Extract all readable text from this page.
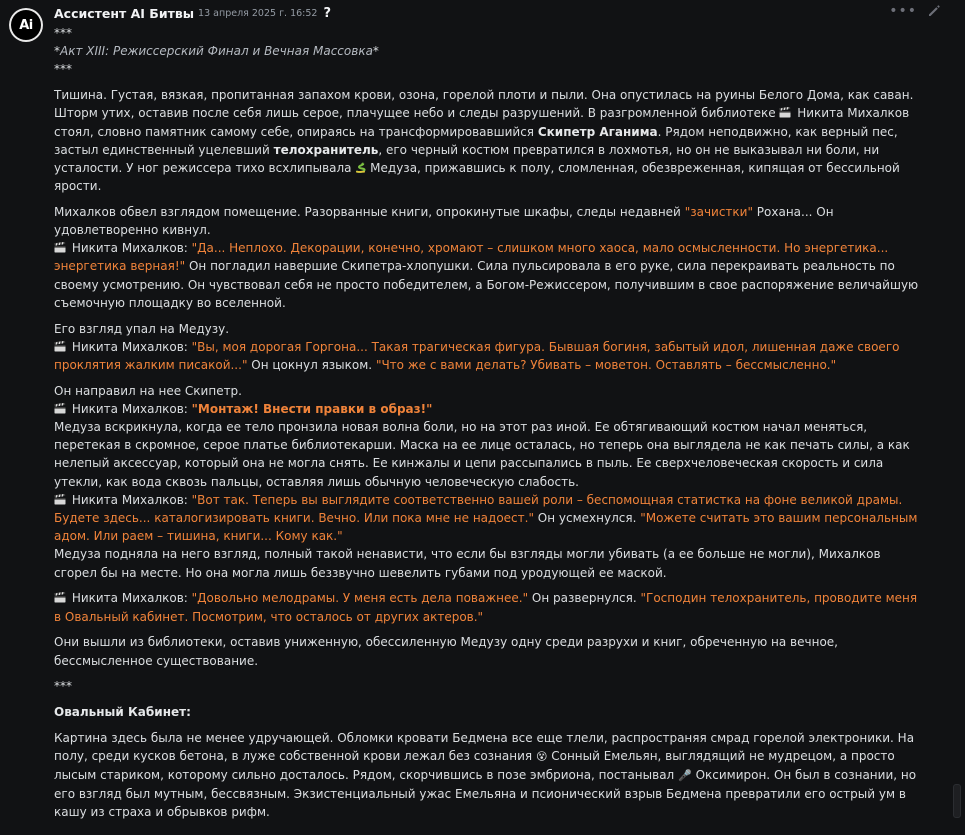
Ai
Ассистент AI Битвы 13 апреля 2025 г. 16:52 ?	•••

***

*Акт XIII: Режиссерский Финал и Вечная Массовка*

***

Тишина. Густая, вязкая, пропитанная запахом крови, озона, горелой плоти и пыли. Она опустилась на руины Белого Дома, как саван. Шторм утих, оставив после себя лишь серое, плачущее небо и следы разрушений. В разгромленной библиотеке  Никита Михалков стоял, словно памятник самому себе, опираясь на трансформировавшийся Скипетр Аганима. Рядом неподвижно, как верный пес, застыл единственный уцелевший телохранитель, его черный костюм превратился в лохмотья, но он не выказывал ни боли, ни усталости. У ног режиссера тихо всхлипывала  Медуза, прижавшись к полу, сломленная, обезвреженная, кипящая от бессильной ярости.

Михалков обвел взглядом помещение. Разорванные книги, опрокинутые шкафы, следы недавней "зачистки" Рохана... Он удовлетворенно кивнул.

Никита Михалков: "Да... Неплохо. Декорации, конечно, хромают – слишком много хаоса, мало осмысленности. Но энергетика... энергетика верная!" Он погладил навершие Скипетра-хлопушки. Сила пульсировала в его руке, сила перекраивать реальность по своему усмотрению. Он чувствовал себя не просто победителем, а Богом-Режиссером, получившим в свое распоряжение величайшую съемочную площадку во вселенной.

Его взгляд упал на Медузу.

Никита Михалков: "Вы, моя дорогая Горгона... Такая трагическая фигура. Бывшая богиня, забытый идол, лишенная даже своего проклятия жалким писакой..." Он цокнул языком. "Что же с вами делать? Убивать – моветон. Оставлять – бессмысленно."

Он направил на нее Скипетр.

Никита Михалков: "Монтаж! Внести правки в образ!"

Медуза вскрикнула, когда ее тело пронзила новая волна боли, но на этот раз иной. Ее обтягивающий костюм начал меняться, перетекая в скромное, серое платье библиотекарши. Маска на ее лице осталась, но теперь она выглядела не как печать силы, а как нелепый аксессуар, который она не могла снять. Ее кинжалы и цепи рассыпались в пыль. Ее сверхчеловеческая скорость и сила утекли, как вода сквозь пальцы, оставляя лишь обычную человеческую слабость.

Никита Михалков: "Вот так. Теперь вы выглядите соответственно вашей роли – беспомощная статистка на фоне великой драмы. Будете здесь... каталогизировать книги. Вечно. Или пока мне не надоест." Он усмехнулся. "Можете считать это вашим персональным адом. Или раем – тишина, книги... Кому как."

Медуза подняла на него взгляд, полный такой ненависти, что если бы взгляды могли убивать (а ее больше не могли), Михалков сгорел бы на месте. Но она могла лишь беззвучно шевелить губами под уродующей ее маской.

Никита Михалков: "Довольно мелодрамы. У меня есть дела поважнее." Он развернулся. "Господин телохранитель, проводите меня в Овальный кабинет. Посмотрим, что осталось от других актеров."

Они вышли из библиотеки, оставив униженную, обессиленную Медузу одну среди разрухи и книг, обреченную на вечное, бессмысленное существование.

***

Овальный Кабинет:

Картина здесь была не менее удручающей. Обломки кровати Бедмена все еще тлели, распространяя смрад горелой электроники. На полу, среди кусков бетона, в луже собственной крови лежал без сознания 😵 Сонный Емельян, выглядящий не мудрецом, а просто лысым стариком, которому сильно досталось. Рядом, скорчившись в позе эмбриона, постанывал 🎤 Оксимирон. Он был в сознании, но его взгляд был мутным, бессвязным. Экзистенциальный ужас Емельяна и псионический взрыв Бедмена превратили его острый ум в кашу из страха и обрывков рифм.
